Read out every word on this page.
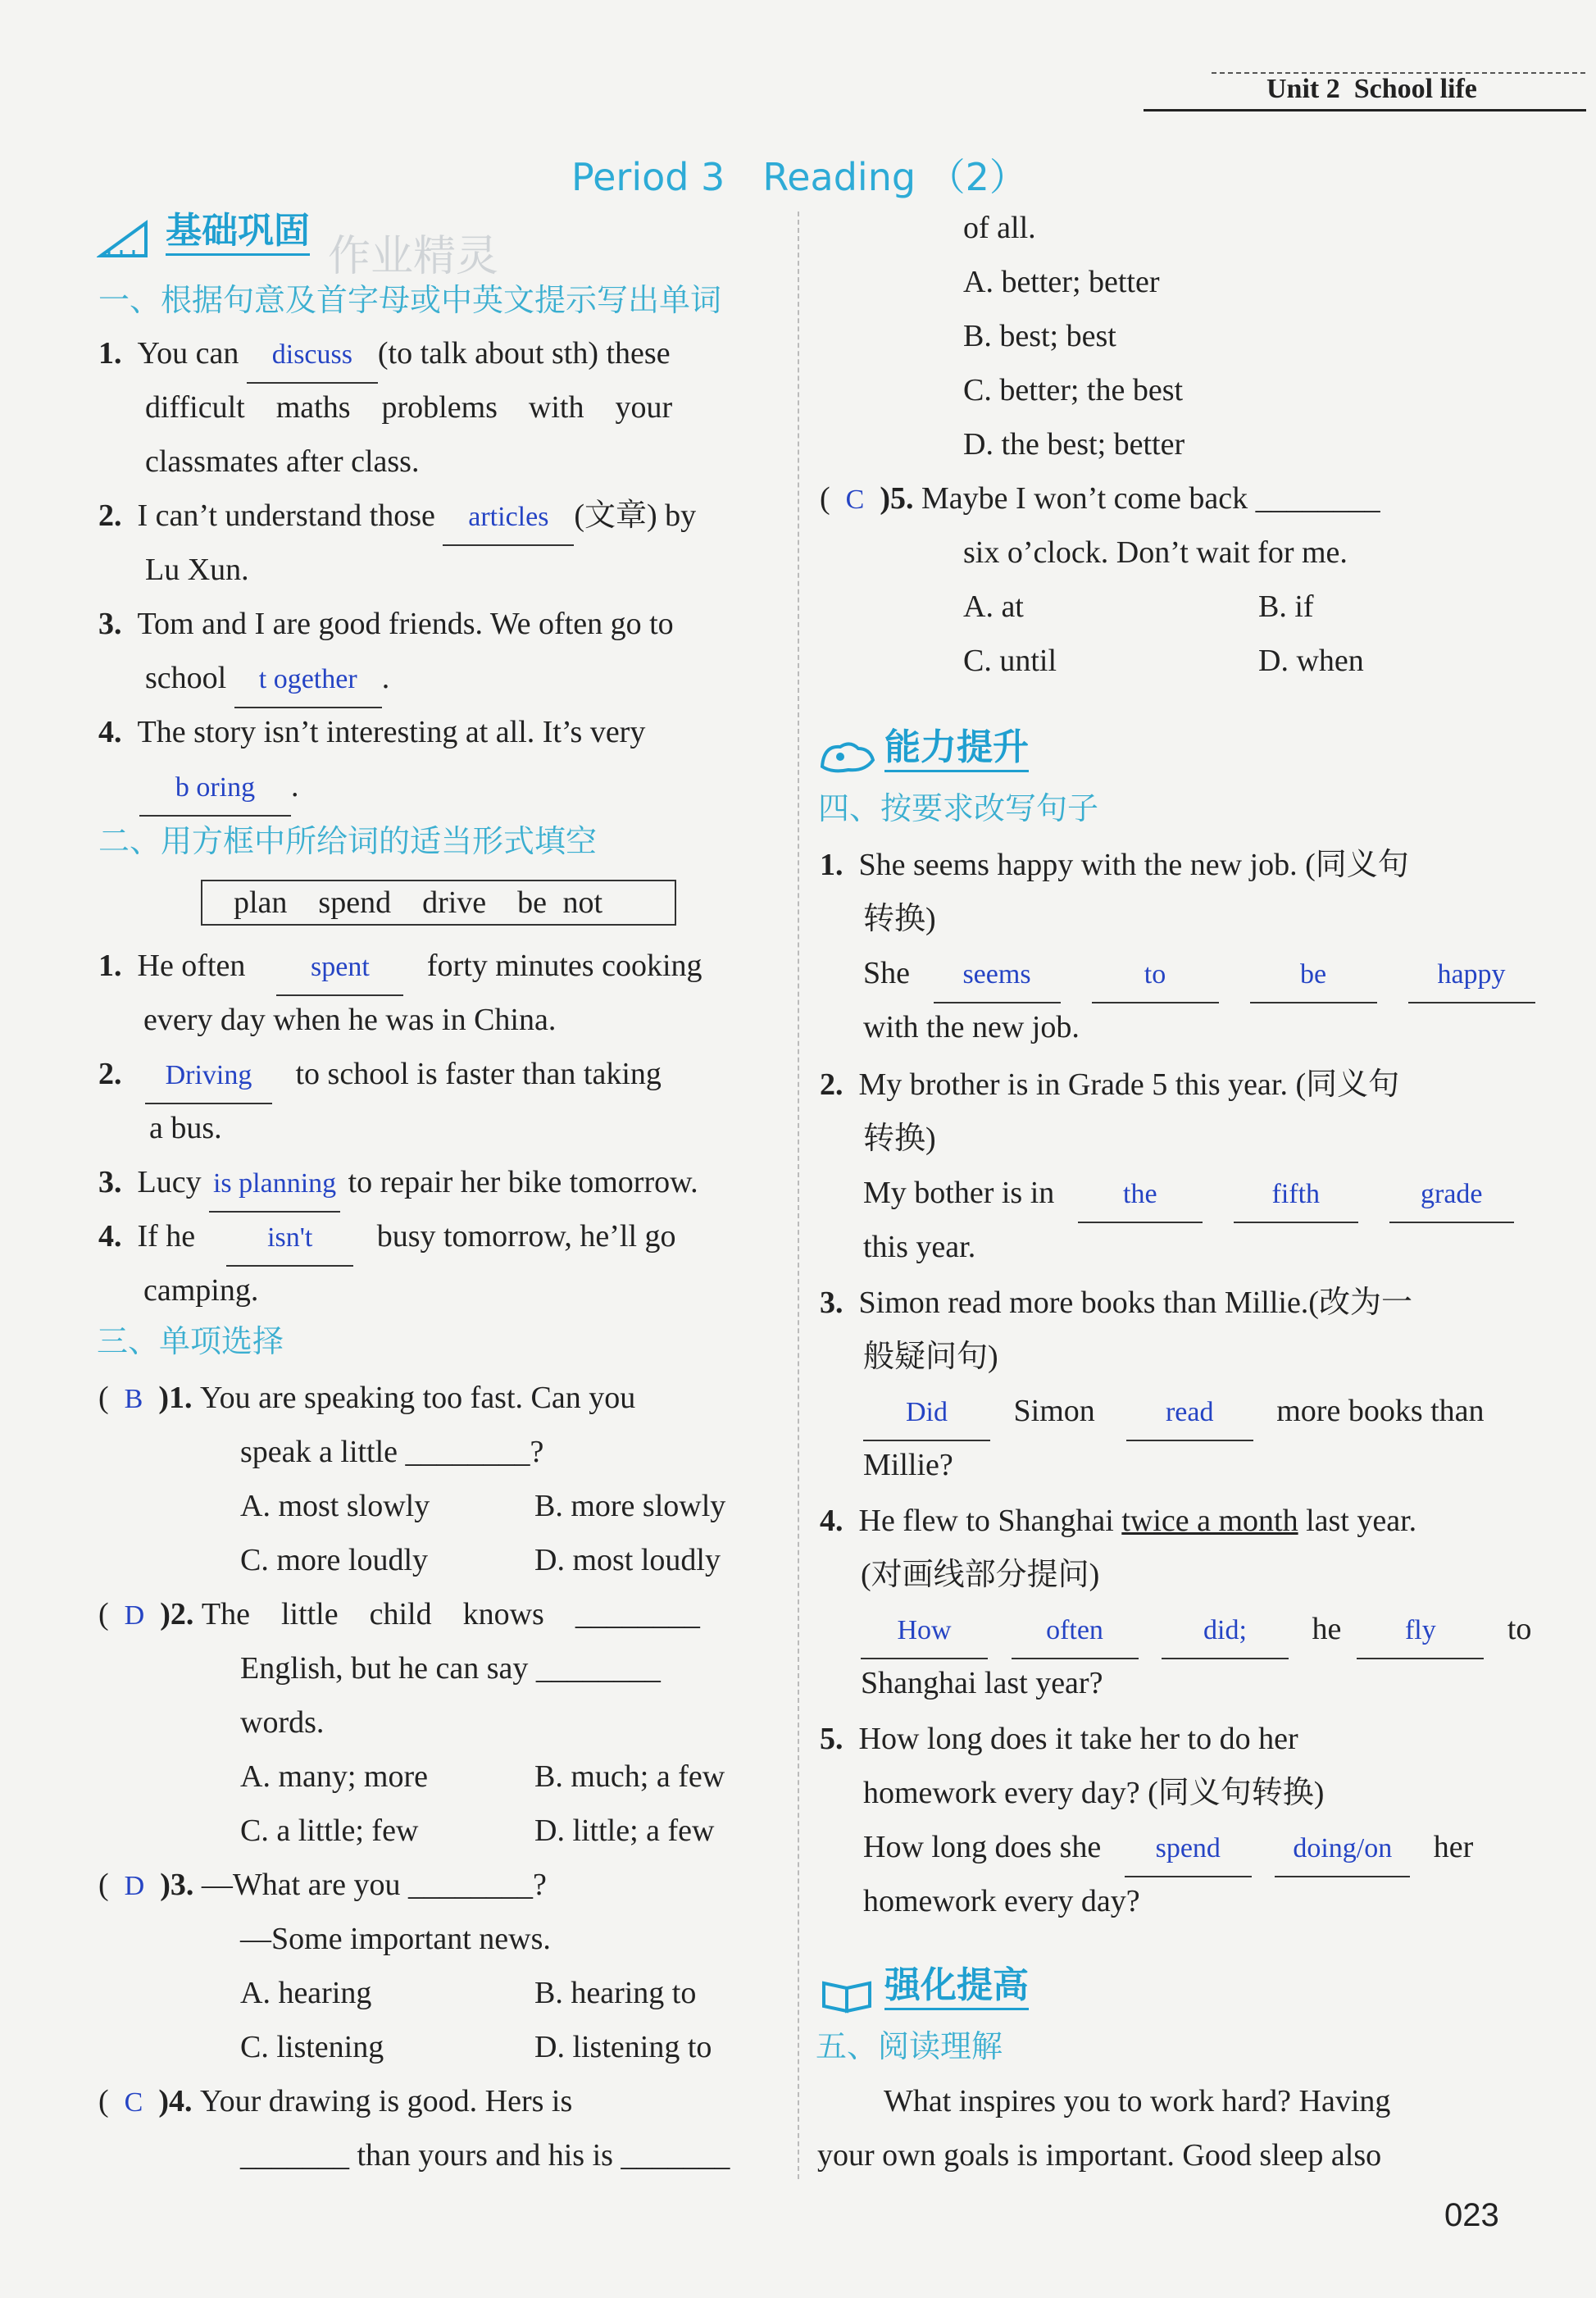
Unit 2 School life
Period 3　Reading （2）
基础巩固
作业精灵
一、根据句意及首字母或中英文提示写出单词
1. You can discuss (to talk about sth) these
difficult　maths　problems　with　your
classmates after class.
2. I can’t understand those articles (文章) by
Lu Xun.
3. Tom and I are good friends. We often go to
school t ogether .
4. The story isn’t interesting at all. It’s very
b oring .
二、用方框中所给词的适当形式填空
plan　spend　drive　be not
1. He often spent forty minutes cooking
every day when he was in China.
2. Driving to school is faster than taking
a bus.
3. Lucy is planning to repair her bike tomorrow.
4. If he	isn't busy tomorrow, he’ll go
camping.
三、单项选择
(  B )1. You are speaking too fast. Can you
speak a little ________?
A. most slowly	B. more slowly
C. more loudly	D. most loudly
(  D )2. The　little　child　knows　________
English, but he can say ________
words.
A. many; more	B. much; a few
C. a little; few	D. little; a few
(  D )3. —What are you ________?
—Some important news.
A. hearing	B. hearing to
C. listening	D. listening to
(  C )4. Your drawing is good. Hers is
_______ than yours and his is _______
of all.
A. better; better
B. best; best
C. better; the best
D. the best; better
(  C )5. Maybe I won’t come back ________
six o’clock. Don’t wait for me.
A. at	B. if
C. until	D. when
能力提升
四、按要求改写句子
1. She seems happy with the new job. (同义句
转换)
She seems	to	be	happy
with the new job.
2. My brother is in Grade 5 this year. (同义句
转换)
My bother is in the	fifth	grade
this year.
3. Simon read more books than Millie.(改为一
般疑问句)
Did Simon	read more books than
Millie?
4. He flew to Shanghai twice a month last year.
(对画线部分提问)
How	often	did; he fly to
Shanghai last year?
5. How long does it take her to do her
homework every day? (同义句转换)
How long does she spend	doing/on her
homework every day?
强化提高
五、阅读理解
What inspires you to work hard? Having
your own goals is important. Good sleep also
023
